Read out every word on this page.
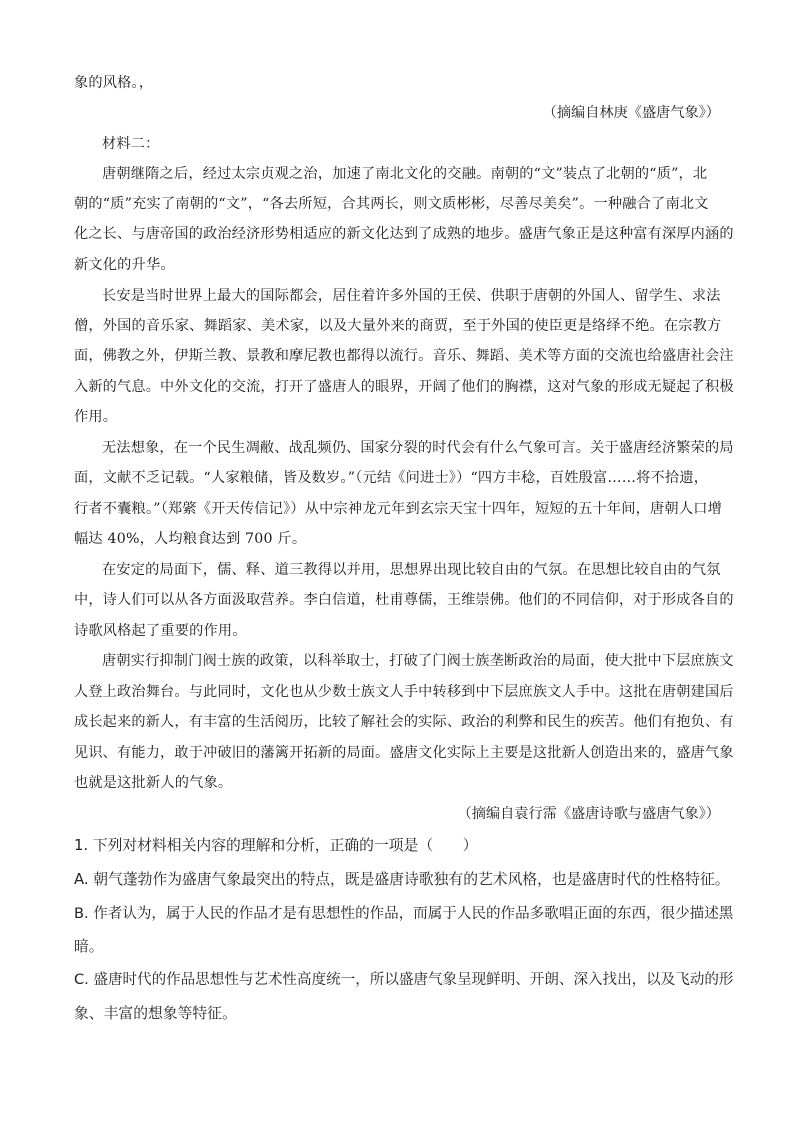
象的风格。，
（摘编自林庚《盛唐气象》）
材料二：
唐朝继隋之后，经过太宗贞观之治，加速了南北文化的交融。南朝的“文”装点了北朝的“质”，北
朝的“质”充实了南朝的“文”，“各去所短，合其两长，则文质彬彬，尽善尽美矣”。一种融合了南北文
化之长、与唐帝国的政治经济形势相适应的新文化达到了成熟的地步。盛唐气象正是这种富有深厚内涵的
新文化的升华。
长安是当时世界上最大的国际都会，居住着许多外国的王侯、供职于唐朝的外国人、留学生、求法
僧，外国的音乐家、舞蹈家、美术家，以及大量外来的商贾，至于外国的使臣更是络绎不绝。在宗教方
面，佛教之外，伊斯兰教、景教和摩尼教也都得以流行。音乐、舞蹈、美术等方面的交流也给盛唐社会注
入新的气息。中外文化的交流，打开了盛唐人的眼界，开阔了他们的胸襟，这对气象的形成无疑起了积极
作用。
无法想象，在一个民生凋敝、战乱频仍、国家分裂的时代会有什么气象可言。关于盛唐经济繁荣的局
面，文献不乏记载。“人家粮储，皆及数岁。”（元结《问进士》）“四方丰稔，百姓殷富……将不拾遗，
行者不囊粮。”（郑綮《开天传信记》）从中宗神龙元年到玄宗天宝十四年，短短的五十年间，唐朝人口增
幅达 40%，人均粮食达到 700 斤。
在安定的局面下，儒、释、道三教得以并用，思想界出现比较自由的气氛。在思想比较自由的气氛
中，诗人们可以从各方面汲取营养。李白信道，杜甫尊儒，王维崇佛。他们的不同信仰，对于形成各自的
诗歌风格起了重要的作用。
唐朝实行抑制门阀士族的政策，以科举取士，打破了门阀士族垄断政治的局面，使大批中下层庶族文
人登上政治舞台。与此同时，文化也从少数士族文人手中转移到中下层庶族文人手中。这批在唐朝建国后
成长起来的新人，有丰富的生活阅历，比较了解社会的实际、政治的利弊和民生的疾苦。他们有抱负、有
见识、有能力，敢于冲破旧的藩篱开拓新的局面。盛唐文化实际上主要是这批新人创造出来的，盛唐气象
也就是这批新人的气象。
（摘编自袁行霈《盛唐诗歌与盛唐气象》）
1. 下列对材料相关内容的理解和分析，正确的一项是（　　）
A. 朝气蓬勃作为盛唐气象最突出的特点，既是盛唐诗歌独有的艺术风格，也是盛唐时代的性格特征。
B. 作者认为，属于人民的作品才是有思想性的作品，而属于人民的作品多歌唱正面的东西，很少描述黑
暗。
C. 盛唐时代的作品思想性与艺术性高度统一，所以盛唐气象呈现鲜明、开朗、深入找出，以及飞动的形
象、丰富的想象等特征。
